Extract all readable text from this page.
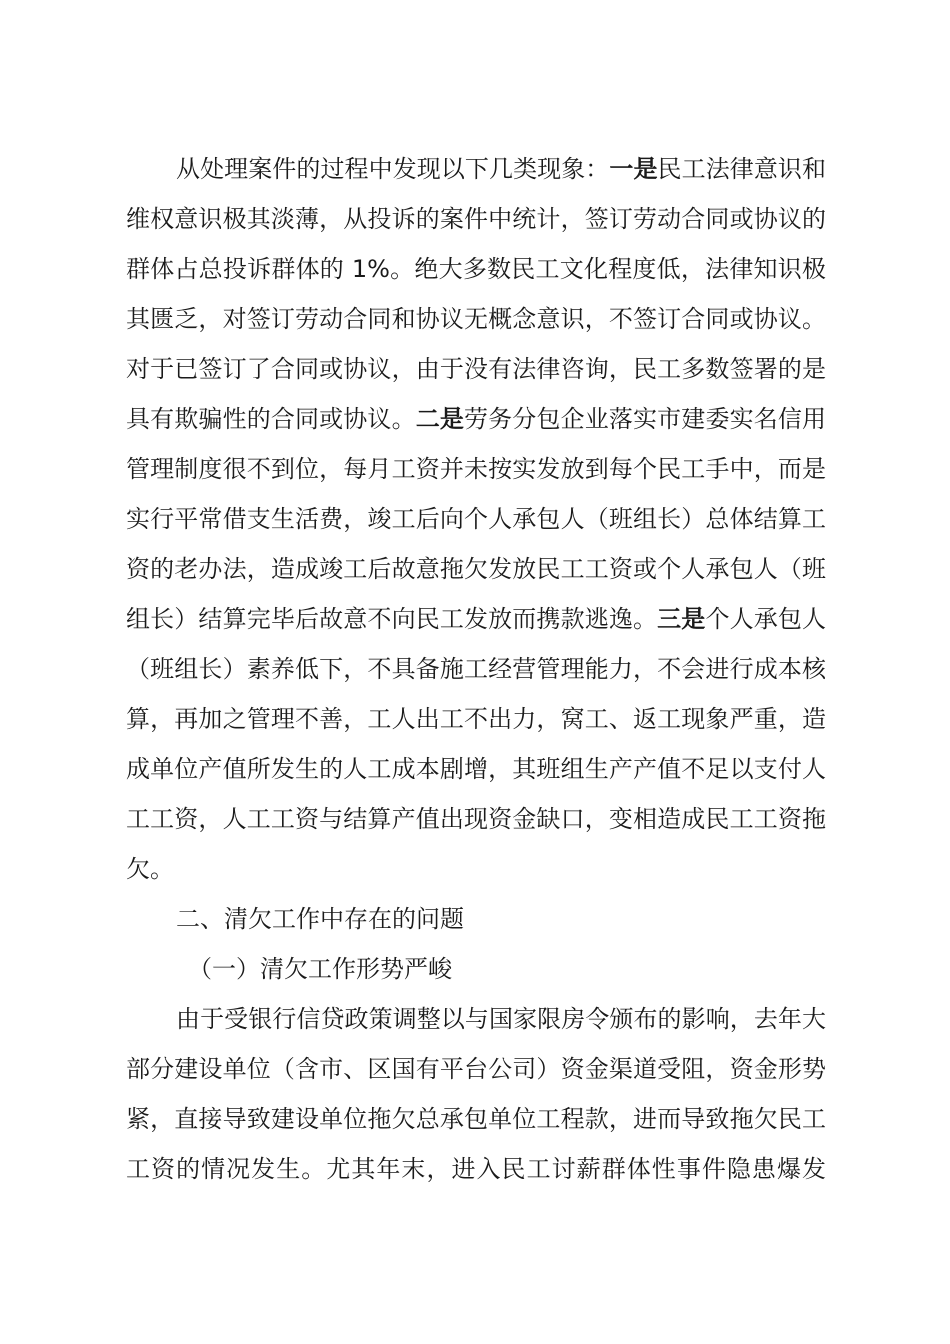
从处理案件的过程中发现以下几类现象：一是民工法律意识和
维权意识极其淡薄，从投诉的案件中统计，签订劳动合同或协议的
群体占总投诉群体的 1%。绝大多数民工文化程度低，法律知识极
其匮乏，对签订劳动合同和协议无概念意识，不签订合同或协议。
对于已签订了合同或协议，由于没有法律咨询，民工多数签署的是
具有欺骗性的合同或协议。二是劳务分包企业落实市建委实名信用
管理制度很不到位，每月工资并未按实发放到每个民工手中，而是
实行平常借支生活费，竣工后向个人承包人（班组长）总体结算工
资的老办法，造成竣工后故意拖欠发放民工工资或个人承包人（班
组长）结算完毕后故意不向民工发放而携款逃逸。三是个人承包人
（班组长）素养低下，不具备施工经营管理能力，不会进行成本核
算，再加之管理不善，工人出工不出力，窝工、返工现象严重，造
成单位产值所发生的人工成本剧增，其班组生产产值不足以支付人
工工资，人工工资与结算产值出现资金缺口，变相造成民工工资拖
欠。
二、清欠工作中存在的问题
（一）清欠工作形势严峻
由于受银行信贷政策调整以与国家限房令颁布的影响，去年大
部分建设单位（含市、区国有平台公司）资金渠道受阻，资金形势
紧，直接导致建设单位拖欠总承包单位工程款，进而导致拖欠民工
工资的情况发生。尤其年末，进入民工讨薪群体性事件隐患爆发
